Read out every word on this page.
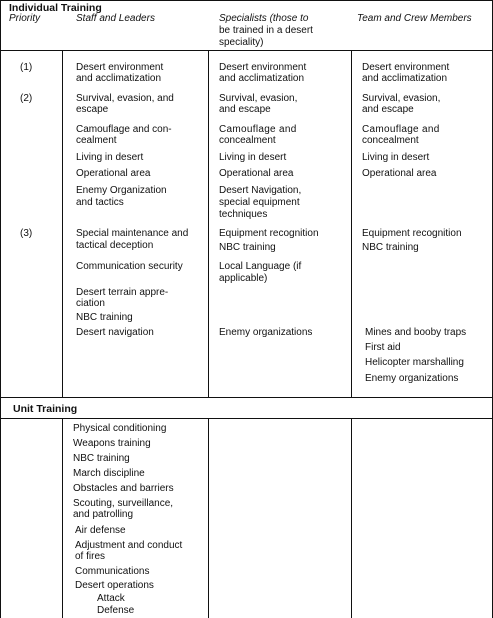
Individual Training
Priority	Staff and Leaders	Specialists (those to
be trained in a desert
speciality)
Team and Crew Members
(1)
(2)
(3)
Desert environment
and acclimatization
Survival, evasion, and
escape
Camouflage and con-
cealment
Living in desert
Operational area
Enemy Organization
and tactics
Special maintenance and
tactical deception
Communication security
Desert terrain appre-
ciation
NBC training
Desert navigation
Desert environment
and acclimatization
Survival, evasion,
and escape
Camouflage and
concealment
Living in desert
Operational area
Desert Navigation,
special equipment
techniques
Equipment recognition
NBC training
Local Language (if
applicable)
Enemy organizations
Desert environment
and acclimatization
Survival, evasion,
and escape
Camouflage and
concealment
Living in desert
Operational area
Equipment recognition
NBC training
Mines and booby traps
First aid
Helicopter marshalling
Enemy organizations
Unit Training
Physical conditioning
Weapons training
NBC training
March discipline
Obstacles and barriers
Scouting, surveillance,
and patrolling
Air defense
Adjustment and conduct
of fires
Communications
Desert operations
Attack
Defense
